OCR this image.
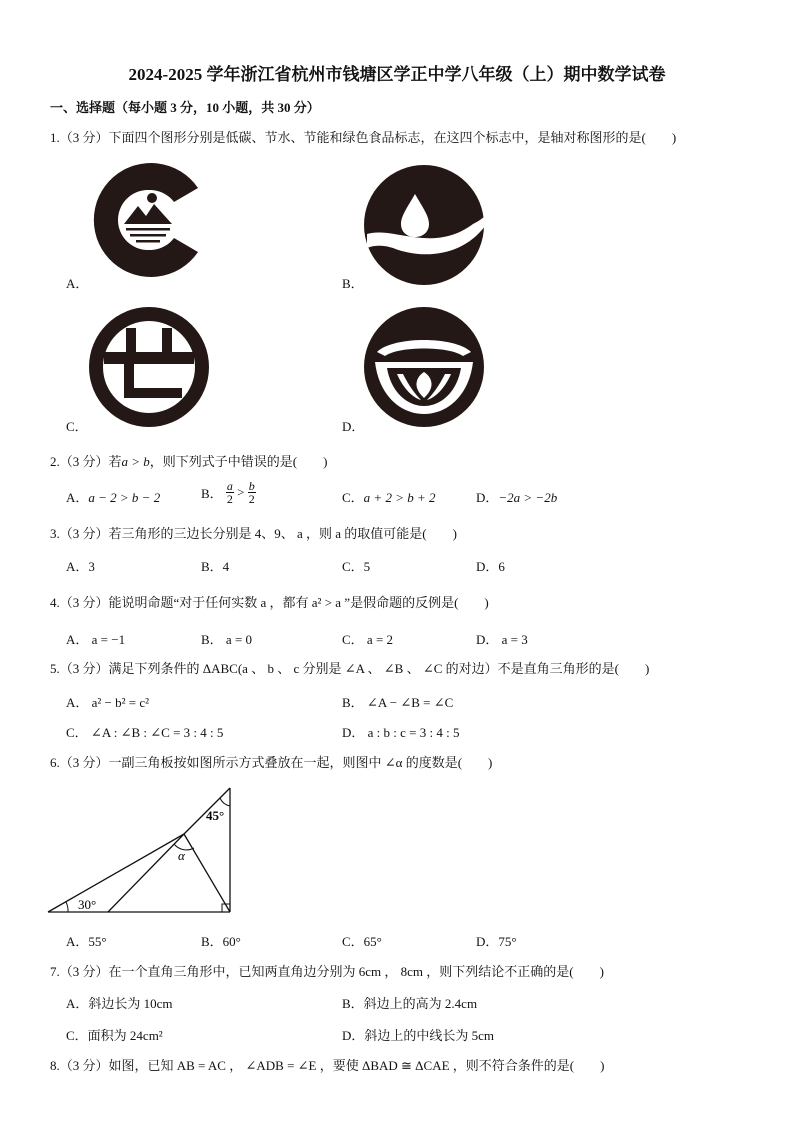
2024-2025 学年浙江省杭州市钱塘区学正中学八年级（上）期中数学试卷
一、选择题（每小题 3 分，10 小题，共 30 分）
1.（3 分）下面四个图形分别是低碳、节水、节能和绿色食品标志，在这四个标志中，是轴对称图形的是(　　)
A．	B．
C．	D．
2.（3 分）若a > b，则下列式子中错误的是(　　)
A．a − 2 > b − 2	B． $\frac{a}{2} > \frac{b}{2}$	C．a + 2 > b + 2	D．−2a > −2b
3.（3 分）若三角形的三边长分别是 4、9、 a ，则 a 的取值可能是(　　)
A．3	B．4	C．5	D．6
4.（3 分）能说明命题“对于任何实数 a ，都有 a² > a ”是假命题的反例是(　　)
A． a = −1	B． a = 0	C． a = 2	D． a = 3
5.（3 分）满足下列条件的 ΔABC(a 、 b 、 c 分别是 ∠A 、 ∠B 、 ∠C 的对边）不是直角三角形的是(　　)
A． a² − b² = c²	B． ∠A − ∠B = ∠C
C． ∠A : ∠B : ∠C = 3 : 4 : 5	D． a : b : c = 3 : 4 : 5
6.（3 分）一副三角板按如图所示方式叠放在一起，则图中 ∠α 的度数是(　　)
45°
α
30°
A．55°	B．60°	C．65°	D．75°
7.（3 分）在一个直角三角形中，已知两直角边分别为 6cm ， 8cm ，则下列结论不正确的是(　　)
A．斜边长为 10cm	B．斜边上的高为 2.4cm
C．面积为 24cm²	D．斜边上的中线长为 5cm
8.（3 分）如图，已知 AB = AC ， ∠ADB = ∠E ，要使 ΔBAD ≅ ΔCAE ，则不符合条件的是(　　)
